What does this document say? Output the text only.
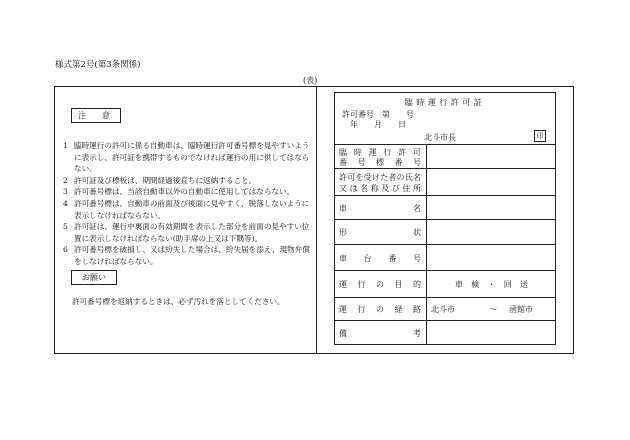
様式第2号(第3条関係)
(表)
注　意
1 臨時運行の許可に係る自動車は、臨時運行許可番号標を見やすいように表示し、許可証を携帯するものでなければ運行の用に供してはならない。
2 許可証及び標板は、期間経過後直ちに返納すること。
3 許可番号標は、当該自動車以外の自動車に使用してはならない。
4 許可番号標は、自動車の前面及び後面に見やすく、脱落しないように表示しなければならない。
5 許可証は、運行中裏面の有効期間を表示した部分を前面の見やすい位置に表示しなければならない(助手席の上又は下隅等)。
6 許可番号標を破損し、又は紛失した場合は、紛失届を添え、現物弁償をしなければならない。
お願い
許可番号標を返納するときは、必ず汚れを落としてください。
臨時運行許可証
許可番号　第　　号
年　　月　　日
北斗市長	印
臨時運行許可
番号標番号
許可を受けた者の氏名
又は名称及び住所
車名
形状
車台番号
運行の目的	車検・回送
運行の経路 北斗市	～ 函館市
備考
